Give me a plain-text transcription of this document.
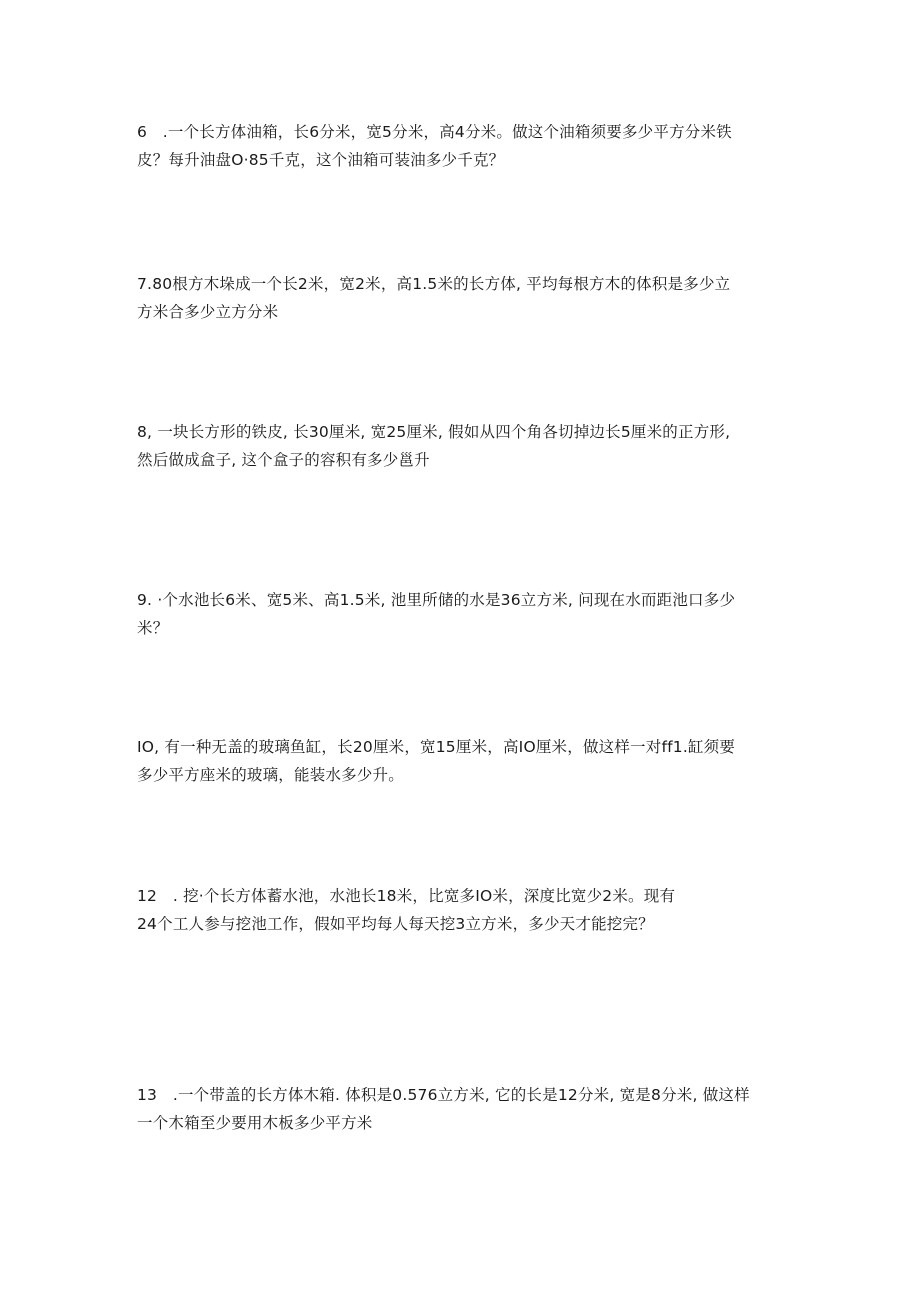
6　.一个长方体油箱，长6分米，宽5分米，高4分米。做这个油箱须要多少平方分米铁
皮？每升油盘O·85千克，这个油箱可装油多少千克？
7.80根方木垛成一个长2米，宽2米，高1.5米的长方体, 平均每根方木的体积是多少立
方米合多少立方分米
8, 一块长方形的铁皮, 长30厘米, 宽25厘米, 假如从四个角各切掉边长5厘米的正方形,
然后做成盒子, 这个盒子的容积有多少邕升
9. ·个水池长6米、宽5米、高1.5米, 池里所储的水是36立方米, 问现在水而距池口多少
米？
IO, 有一种无盖的玻璃鱼缸，长20厘米，宽15厘米，高IO厘米，做这样一对ff1.缸须要
多少平方座米的玻璃，能装水多少升。
12　. 挖·个长方体蓄水池，水池长18米，比宽多IO米，深度比宽少2米。现有
24个工人参与挖池工作，假如平均每人每天挖3立方米，多少天才能挖完？
13　.一个带盖的长方体木箱. 体积是0.576立方米, 它的长是12分米, 宽是8分米, 做这样
一个木箱至少要用木板多少平方米
